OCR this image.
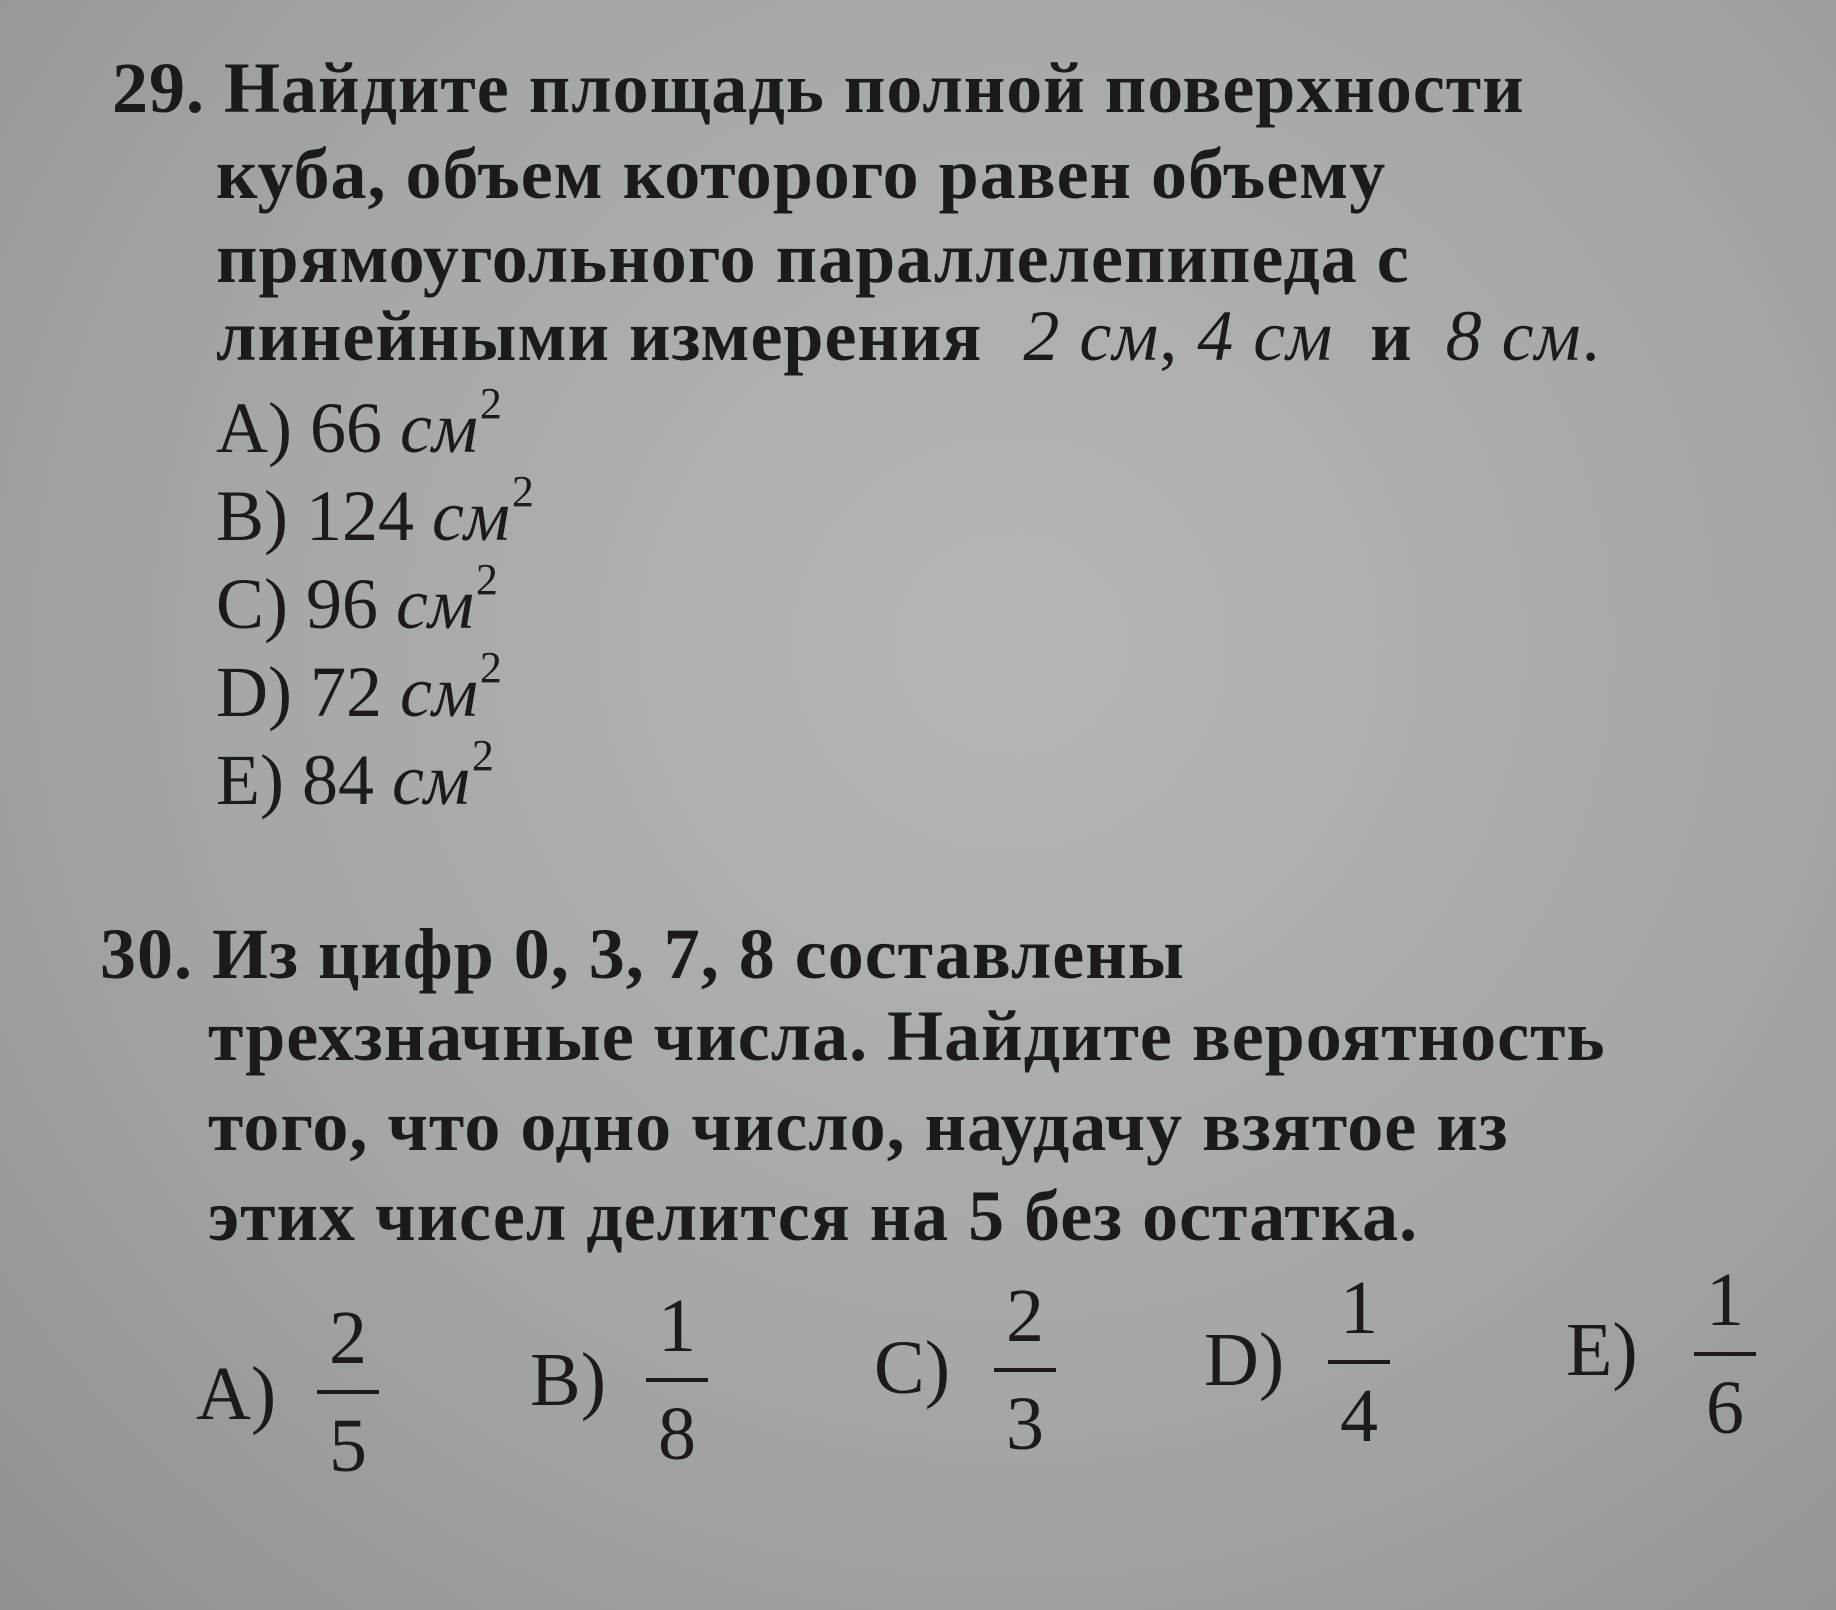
29. Найдите площадь полной поверхности
куба, объем которого равен объему
прямоугольного параллелепипеда с
линейными измерения 2 см, 4 см и 8 см.
A) 66 $см^2$
B) 124 $см^2$
C) 96 $см^2$
D) 72 $см^2$
E) 84 $см^2$
30. Из цифр 0, 3, 7, 8 составлены
трехзначные числа. Найдите вероятность
того, что одно число, наудачу взятое из
этих чисел делится на 5 без остатка.
A)
2
5
B)
1
8
C)
2
3
D)
1
4
E)
1
6
